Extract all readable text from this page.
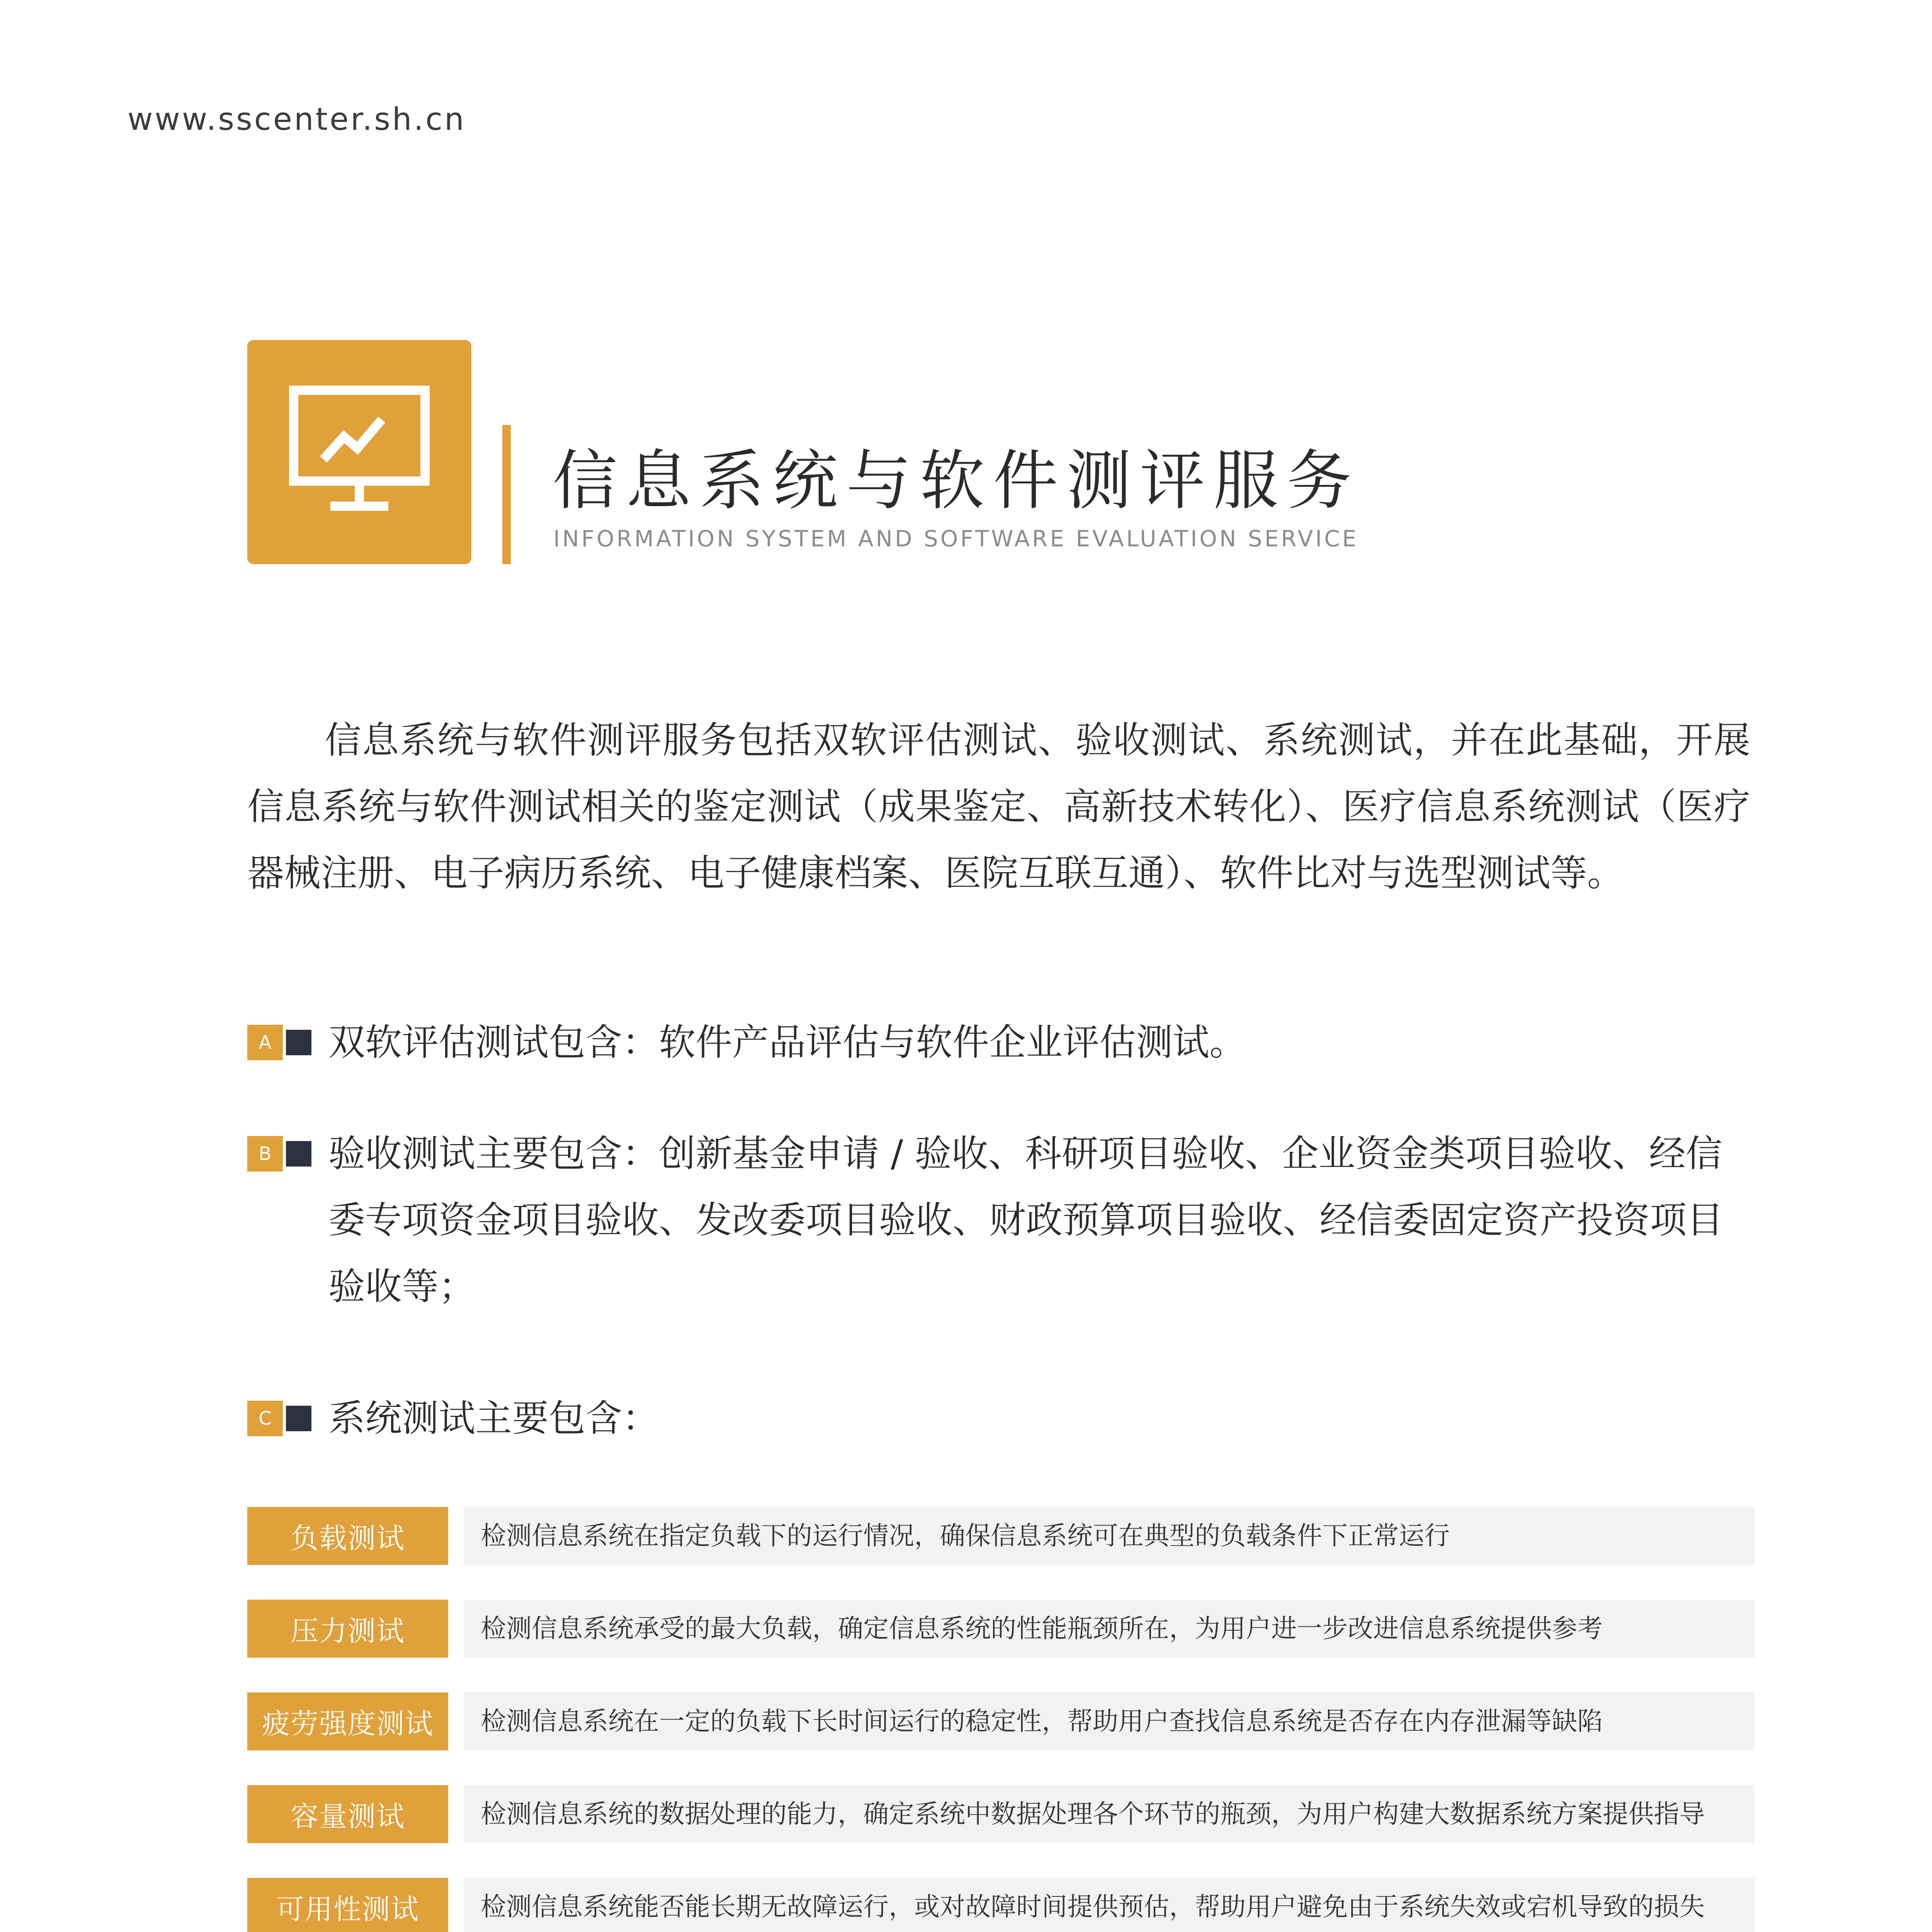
www.sscenter.sh.cn
信息系统与软件测评服务
INFORMATION SYSTEM AND SOFTWARE EVALUATION SERVICE
信息系统与软件测评服务包括双软评估测试、验收测试、系统测试，并在此基础，开展信息系统与软件测试相关的鉴定测试（成果鉴定、高新技术转化）、医疗信息系统测试（医疗器械注册、电子病历系统、电子健康档案、医院互联互通）、软件比对与选型测试等。
A	双软评估测试包含：软件产品评估与软件企业评估测试。
B	验收测试主要包含：创新基金申请 / 验收、科研项目验收、企业资金类项目验收、经信委专项资金项目验收、发改委项目验收、财政预算项目验收、经信委固定资产投资项目验收等；
C	系统测试主要包含：
负载测试	检测信息系统在指定负载下的运行情况，确保信息系统可在典型的负载条件下正常运行
压力测试	检测信息系统承受的最大负载，确定信息系统的性能瓶颈所在，为用户进一步改进信息系统提供参考
疲劳强度测试	检测信息系统在一定的负载下长时间运行的稳定性，帮助用户查找信息系统是否存在内存泄漏等缺陷
容量测试	检测信息系统的数据处理的能力，确定系统中数据处理各个环节的瓶颈，为用户构建大数据系统方案提供指导
可用性测试	检测信息系统能否能长期无故障运行，或对故障时间提供预估，帮助用户避免由于系统失效或宕机导致的损失
